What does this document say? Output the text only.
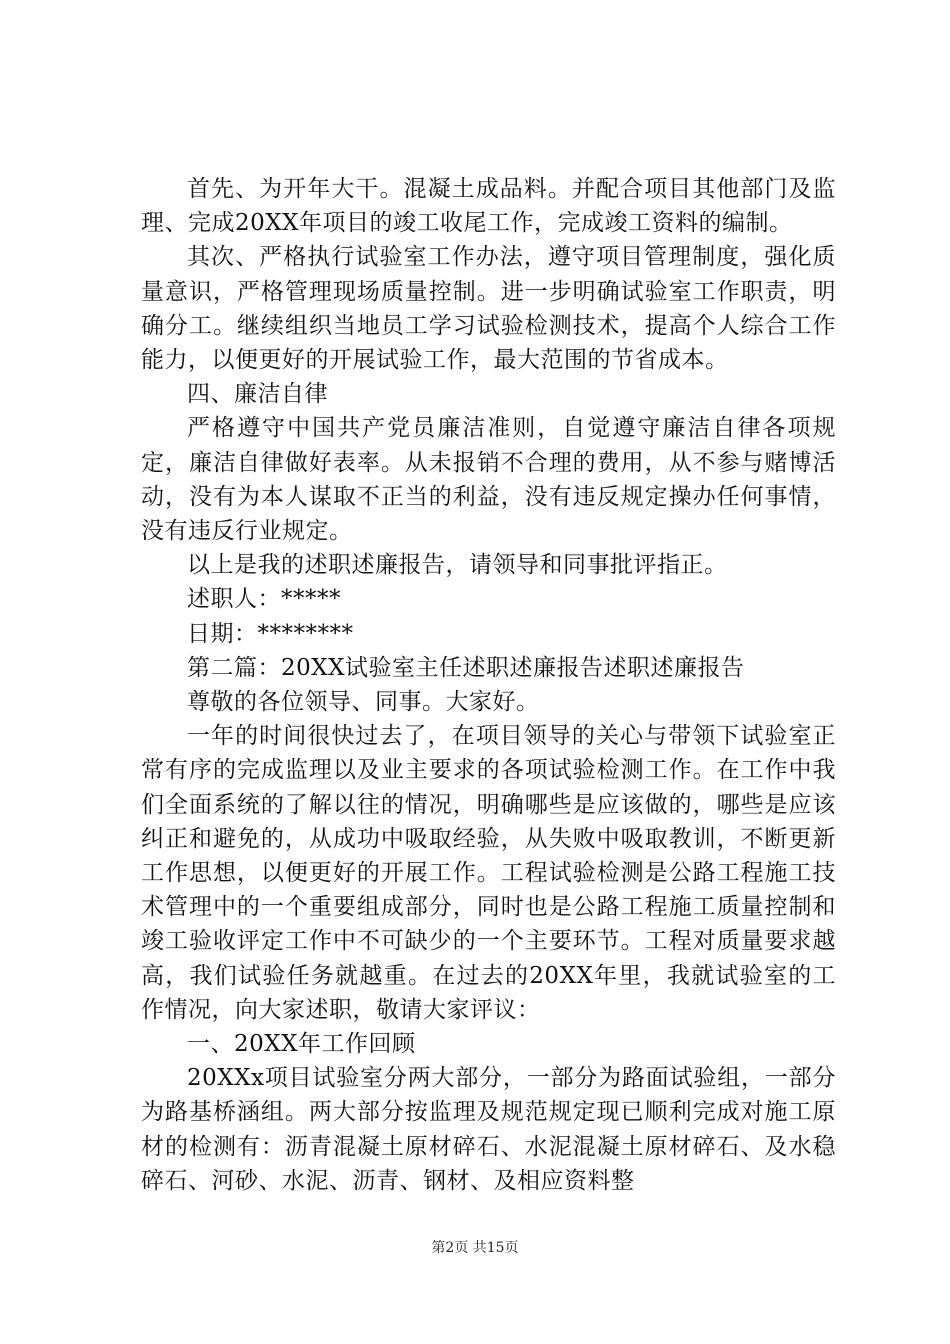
首先、为开年大干。混凝土成品料。并配合项目其他部门及监理、完成20XX年项目的竣工收尾工作，完成竣工资料的编制。

其次、严格执行试验室工作办法，遵守项目管理制度，强化质量意识，严格管理现场质量控制。进一步明确试验室工作职责，明确分工。继续组织当地员工学习试验检测技术，提高个人综合工作能力，以便更好的开展试验工作，最大范围的节省成本。

四、廉洁自律

严格遵守中国共产党员廉洁准则，自觉遵守廉洁自律各项规定，廉洁自律做好表率。从未报销不合理的费用，从不参与赌博活动，没有为本人谋取不正当的利益，没有违反规定操办任何事情，没有违反行业规定。

以上是我的述职述廉报告，请领导和同事批评指正。

述职人：*****

日期：********

第二篇：20XX试验室主任述职述廉报告述职述廉报告

尊敬的各位领导、同事。大家好。

一年的时间很快过去了，在项目领导的关心与带领下试验室正常有序的完成监理以及业主要求的各项试验检测工作。在工作中我们全面系统的了解以往的情况，明确哪些是应该做的，哪些是应该纠正和避免的，从成功中吸取经验，从失败中吸取教训，不断更新工作思想，以便更好的开展工作。工程试验检测是公路工程施工技术管理中的一个重要组成部分，同时也是公路工程施工质量控制和竣工验收评定工作中不可缺少的一个主要环节。工程对质量要求越高，我们试验任务就越重。在过去的20XX年里，我就试验室的工作情况，向大家述职，敬请大家评议：

一、20XX年工作回顾

20XXx项目试验室分两大部分，一部分为路面试验组，一部分为路基桥涵组。两大部分按监理及规范规定现已顺利完成对施工原材的检测有：沥青混凝土原材碎石、水泥混凝土原材碎石、及水稳碎石、河砂、水泥、沥青、钢材、及相应资料整

第2页 共15页
